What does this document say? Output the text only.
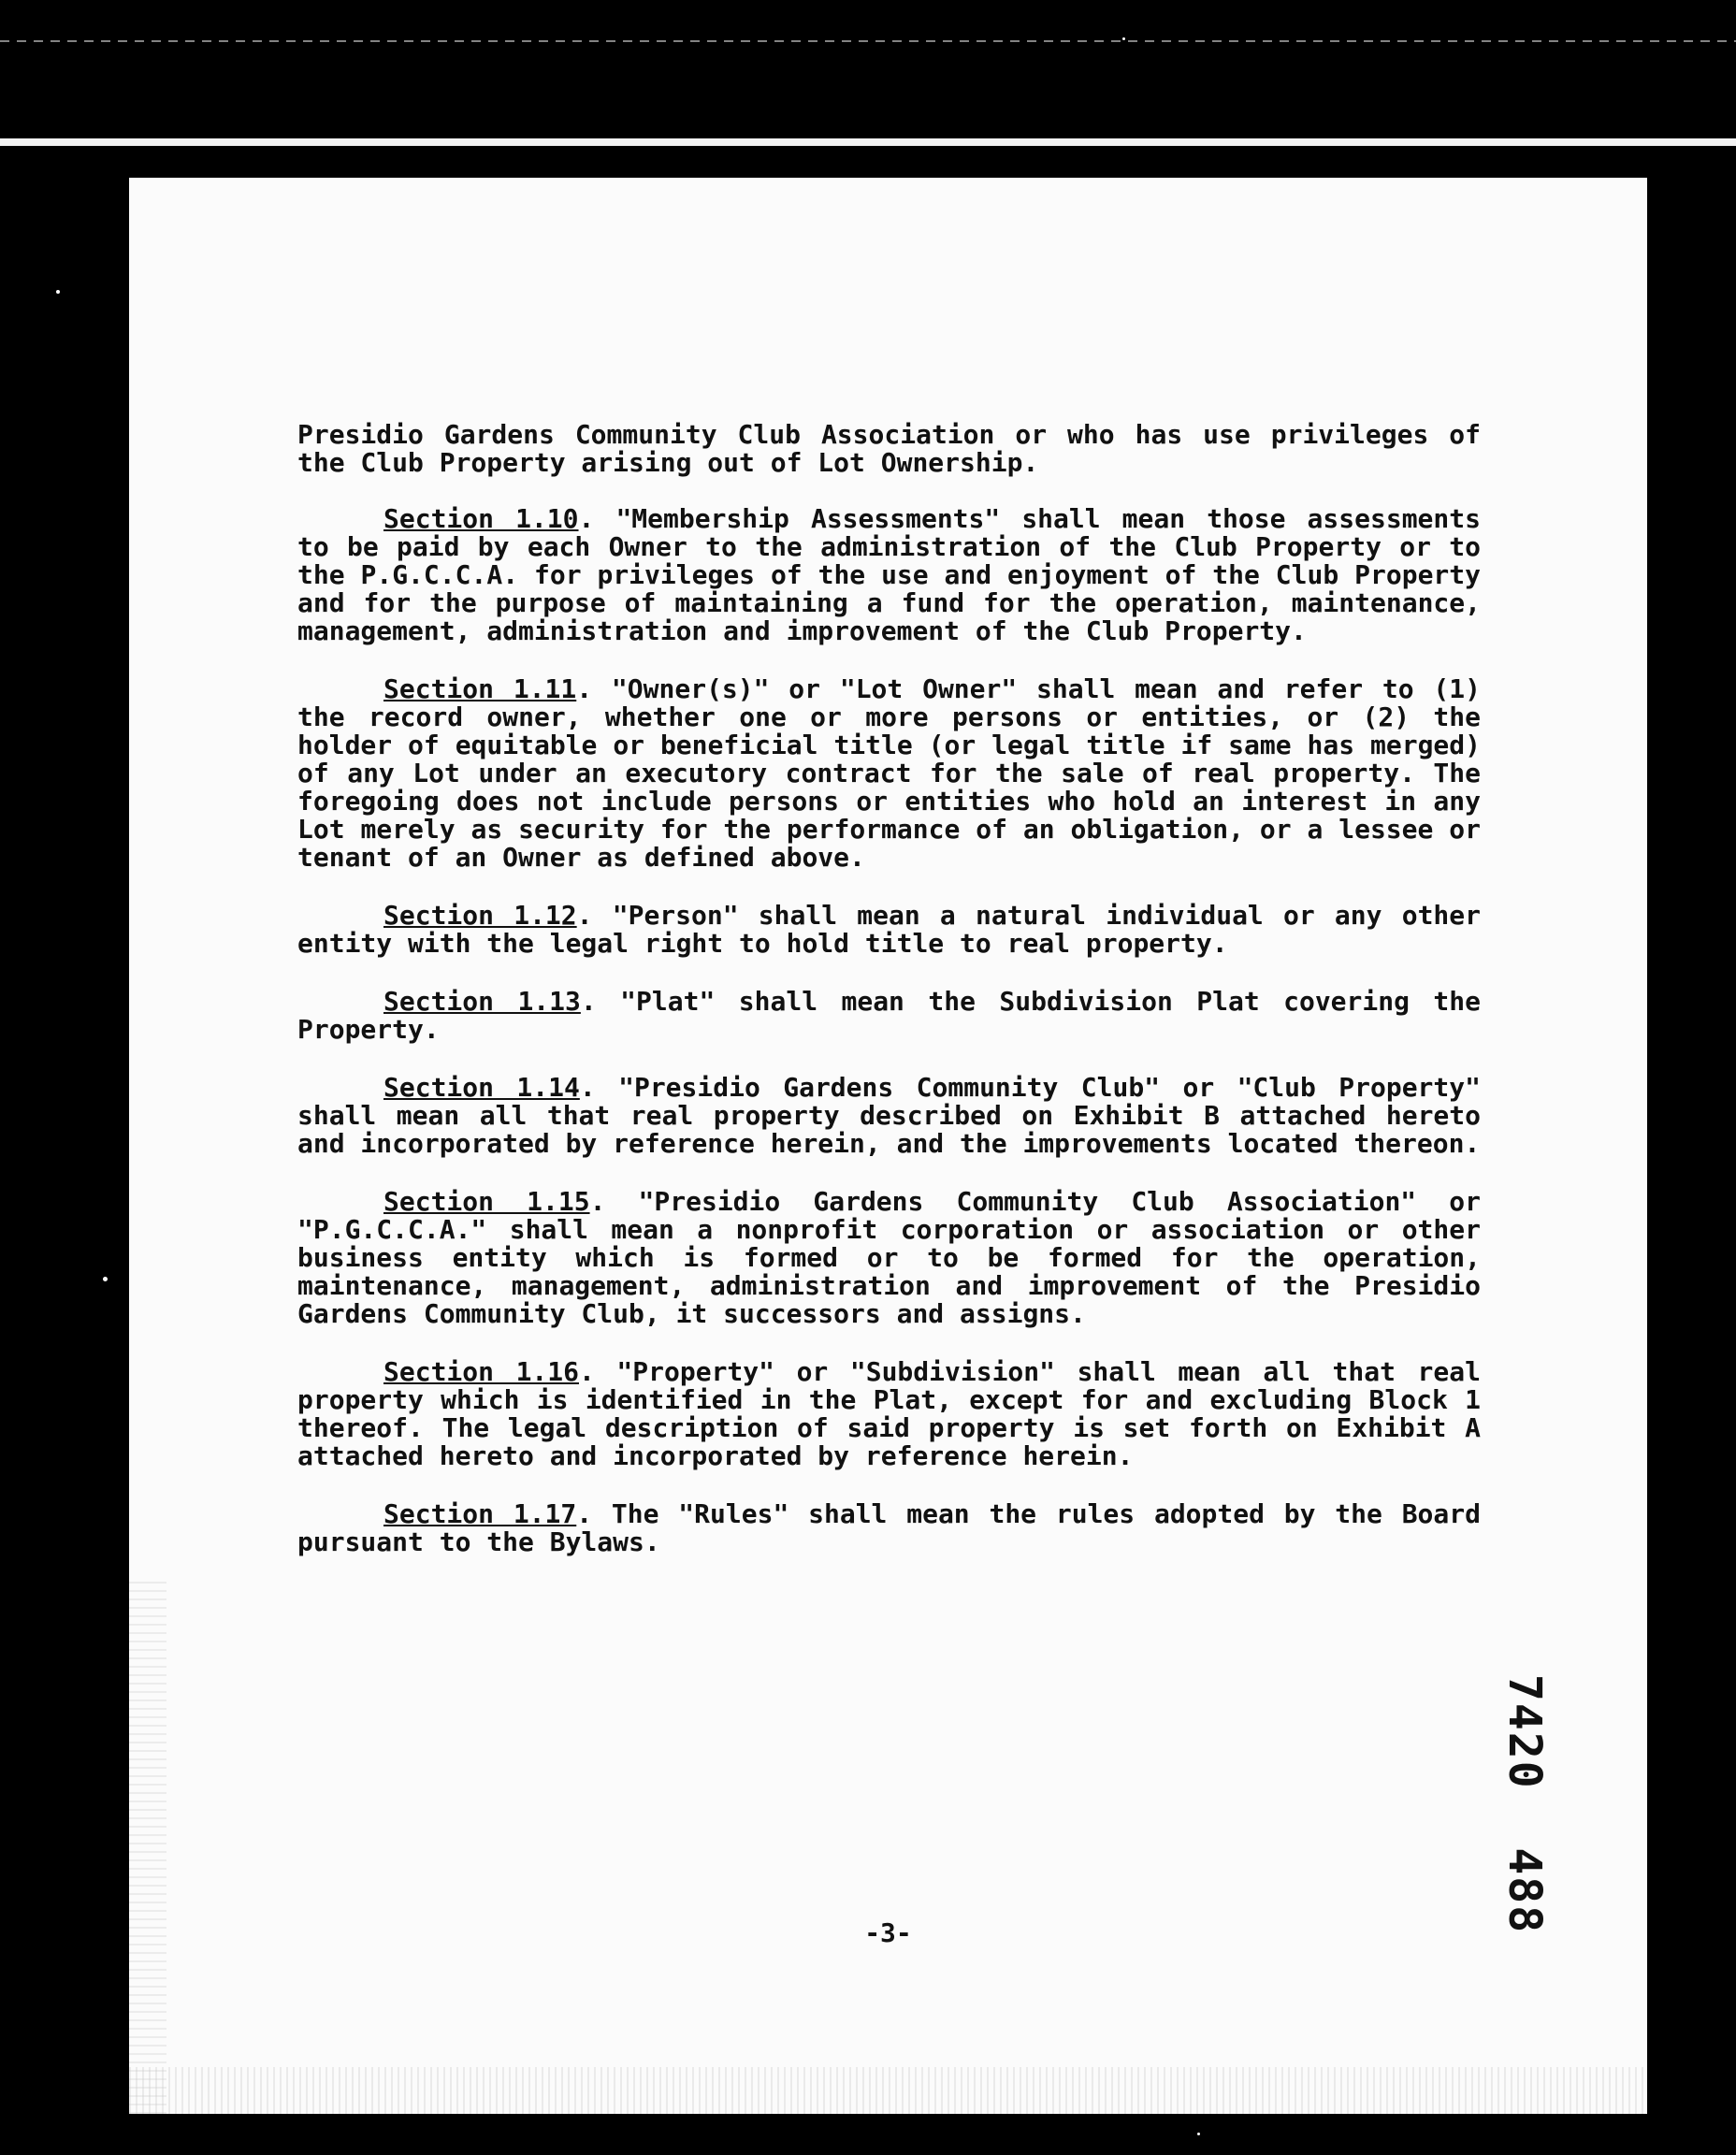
Presidio Gardens Community Club Association or who has use privileges of the Club Property arising out of Lot Ownership.

Section 1.10. "Membership Assessments" shall mean those assessments to be paid by each Owner to the administration of the Club Property or to the P.G.C.C.A. for privileges of the use and enjoyment of the Club Property and for the purpose of maintaining a fund for the operation, maintenance, management, administration and improvement of the Club Property.

Section 1.11. "Owner(s)" or "Lot Owner" shall mean and refer to (1) the record owner, whether one or more persons or entities, or (2) the holder of equitable or beneficial title (or legal title if same has merged) of any Lot under an executory contract for the sale of real property. The foregoing does not include persons or entities who hold an interest in any Lot merely as security for the performance of an obligation, or a lessee or tenant of an Owner as defined above.

Section 1.12. "Person" shall mean a natural individual or any other entity with the legal right to hold title to real property.

Section 1.13. "Plat" shall mean the Subdivision Plat covering the Property.

Section 1.14. "Presidio Gardens Community Club" or "Club Property" shall mean all that real property described on Exhibit B attached hereto and incorporated by reference herein, and the improvements located thereon.

Section 1.15. "Presidio Gardens Community Club Association" or "P.G.C.C.A." shall mean a nonprofit corporation or association or other business entity which is formed or to be formed for the operation, maintenance, management, administration and improvement of the Presidio Gardens Community Club, it successors and assigns.

Section 1.16. "Property" or "Subdivision" shall mean all that real property which is identified in the Plat, except for and excluding Block 1 thereof. The legal description of said property is set forth on Exhibit A attached hereto and incorporated by reference herein.

Section 1.17. The "Rules" shall mean the rules adopted by the Board pursuant to the Bylaws.

7420  488
-3-
